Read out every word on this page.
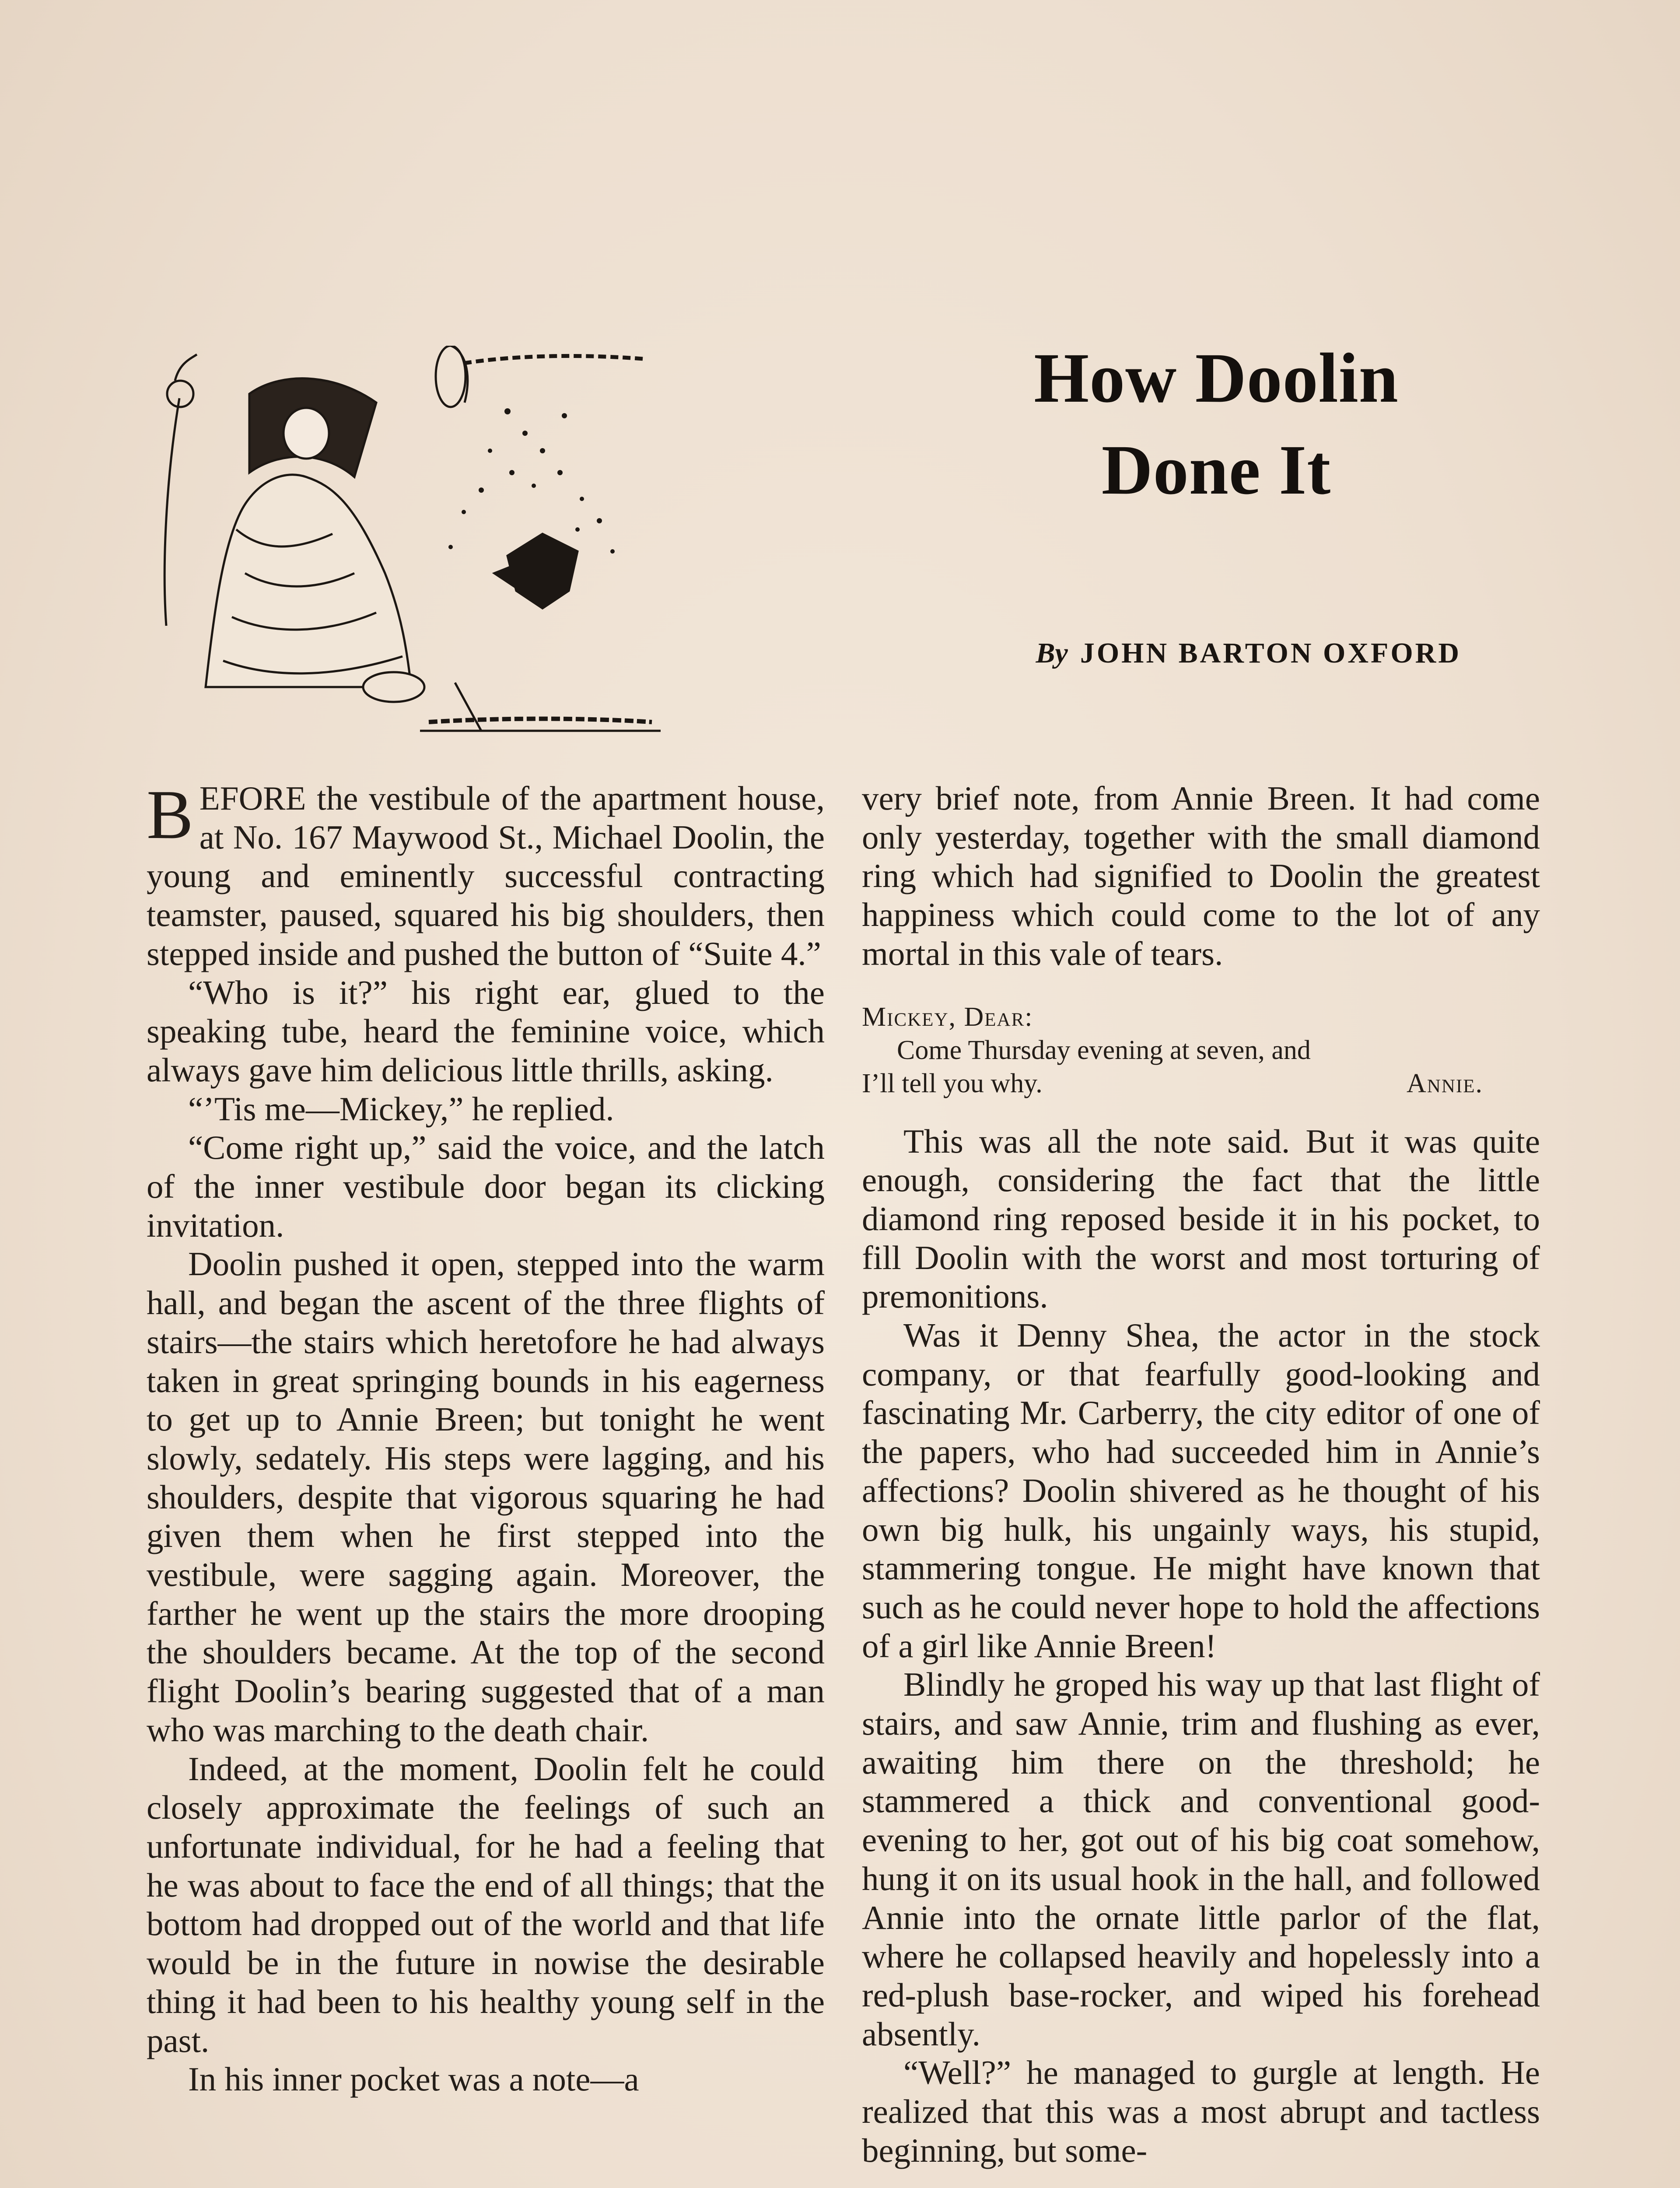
How Doolin
Done It
By JOHN BARTON OXFORD

BEFORE the vestibule of the apartment house, at No. 167 Maywood St., Michael Doolin, the young and eminently successful contracting teamster, paused, squared his big shoulders, then stepped inside and pushed the button of “Suite 4.”

“Who is it?” his right ear, glued to the speaking tube, heard the feminine voice, which always gave him delicious little thrills, asking.

“’Tis me—Mickey,” he replied.

“Come right up,” said the voice, and the latch of the inner vestibule door began its clicking invitation.

Doolin pushed it open, stepped into the warm hall, and began the ascent of the three flights of stairs—the stairs which heretofore he had always taken in great springing bounds in his eagerness to get up to Annie Breen; but tonight he went slowly, sedately. His steps were lagging, and his shoulders, despite that vigorous squaring he had given them when he first stepped into the vestibule, were sagging again. Moreover, the farther he went up the stairs the more drooping the shoulders became. At the top of the second flight Doolin’s bearing suggested that of a man who was marching to the death chair.

Indeed, at the moment, Doolin felt he could closely approximate the feelings of such an unfortunate individual, for he had a feeling that he was about to face the end of all things; that the bottom had dropped out of the world and that life would be in the future in nowise the desirable thing it had been to his healthy young self in the past.

In his inner pocket was a note—a

very brief note, from Annie Breen. It had come only yesterday, together with the small diamond ring which had signified to Doolin the greatest happiness which could come to the lot of any mortal in this vale of tears.

Mickey, Dear:
Come Thursday evening at seven, and
I’ll tell you why.	Annie.

This was all the note said. But it was quite enough, considering the fact that the little diamond ring reposed beside it in his pocket, to fill Doolin with the worst and most torturing of premonitions.

Was it Denny Shea, the actor in the stock company, or that fearfully good-looking and fascinating Mr. Carberry, the city editor of one of the papers, who had succeeded him in Annie’s affections? Doolin shivered as he thought of his own big hulk, his ungainly ways, his stupid, stammering tongue. He might have known that such as he could never hope to hold the affections of a girl like Annie Breen!

Blindly he groped his way up that last flight of stairs, and saw Annie, trim and flushing as ever, awaiting him there on the threshold; he stammered a thick and conventional good-evening to her, got out of his big coat somehow, hung it on its usual hook in the hall, and followed Annie into the ornate little parlor of the flat, where he collapsed heavily and hopelessly into a red-plush base-rocker, and wiped his forehead absently.

“Well?” he managed to gurgle at length. He realized that this was a most abrupt and tactless beginning, but some-
